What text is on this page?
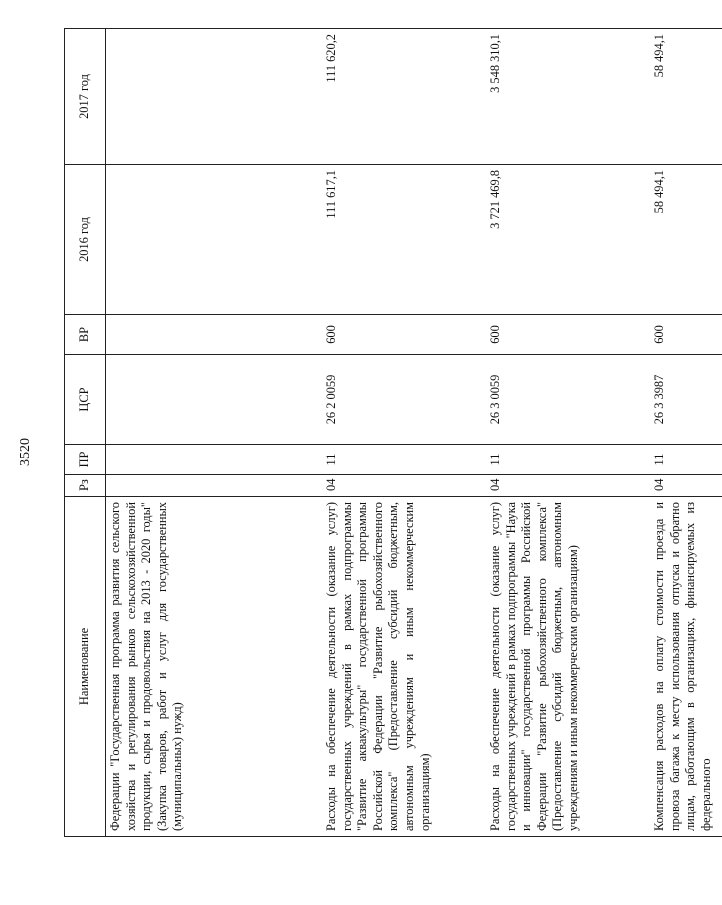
3520
Наименование	Рз	ПР	ЦСР	ВР	2016 год	2017 год
Федерации "Государственная программа развития сельского хозяйства и регулирования рынков сельскохозяйственной продукции, сырья и продовольствия на 2013 - 2020 годы" (Закупка товаров, работ и услуг для государственных (муниципальных) нужд)						
Расходы на обеспечение деятельности (оказание услуг) государственных учреждений в рамках подпрограммы "Развитие аквакультуры" государственной программы Российской Федерации "Развитие рыбохозяйственного комплекса" (Предоставление субсидий бюджетным, автономным учреждениям и иным некоммерческим организациям)	04	11	26 2 0059	600	111 617,1	111 620,2
Расходы на обеспечение деятельности (оказание услуг) государственных учреждений в рамках подпрограммы "Наука и инновации" государственной программы Российской Федерации "Развитие рыбохозяйственного комплекса" (Предоставление субсидий бюджетным, автономным учреждениям и иным некоммерческим организациям)	04	11	26 3 0059	600	3 721 469,8	3 548 310,1
Компенсация расходов на оплату стоимости проезда и провоза багажа к месту использования отпуска и обратно лицам, работающим в организациях, финансируемых из федерального	04	11	26 3 3987	600	58 494,1	58 494,1
